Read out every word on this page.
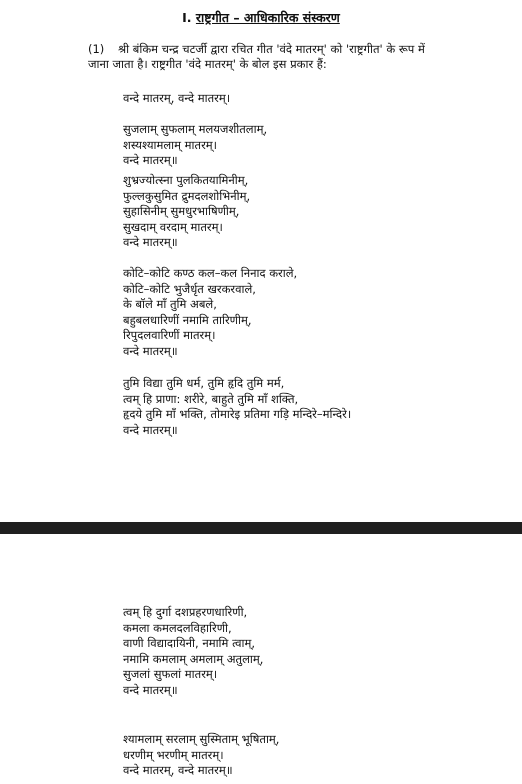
I. राष्ट्रगीत – आधिकारिक संस्करण
(1) श्री बंकिम चन्द्र चटर्जी द्वारा रचित गीत 'वंदे मातरम्' को 'राष्ट्रगीत' के रूप में
जाना जाता है। राष्ट्रगीत 'वंदे मातरम्' के बोल इस प्रकार हैं:
वन्दे मातरम्, वन्दे मातरम्।
सुजलाम् सुफलाम् मलयजशीतलाम्,
शस्यश्यामलाम् मातरम्।
वन्दे मातरम्॥
शुभ्रज्योत्स्ना पुलकितयामिनीम्,
फुल्लकुसुमित द्रुमदलशोभिनीम्,
सुहासिनीम् सुमधुरभाषिणीम्,
सुखदाम् वरदाम् मातरम्।
वन्दे मातरम्॥
कोटि–कोटि कण्ठ कल–कल निनाद कराले,
कोटि–कोटि भुजैर्धृत खरकरवाले,
के बॉले माँ तुमि अबले,
बहुबलधारिणीं नमामि तारिणीम्,
रिपुदलवारिणीं मातरम्।
वन्दे मातरम्॥
तुमि विद्या तुमि धर्म, तुमि हृदि तुमि मर्म,
त्वम् हि प्राणा: शरीरे, बाहुते तुमि माँ शक्ति,
हृदये तुमि माँ भक्ति, तोमारेइ प्रतिमा गड़ि मन्दिरे–मन्दिरे।
वन्दे मातरम्॥
त्वम् हि दुर्गा दशप्रहरणधारिणी,
कमला कमलदलविहारिणी,
वाणी विद्यादायिनी, नमामि त्वाम्,
नमामि कमलाम् अमलाम् अतुलाम्,
सुजलां सुफलां मातरम्।
वन्दे मातरम्॥
श्यामलाम् सरलाम् सुस्मिताम् भूषिताम्,
धरणीम् भरणीम् मातरम्।
वन्दे मातरम्, वन्दे मातरम्॥
